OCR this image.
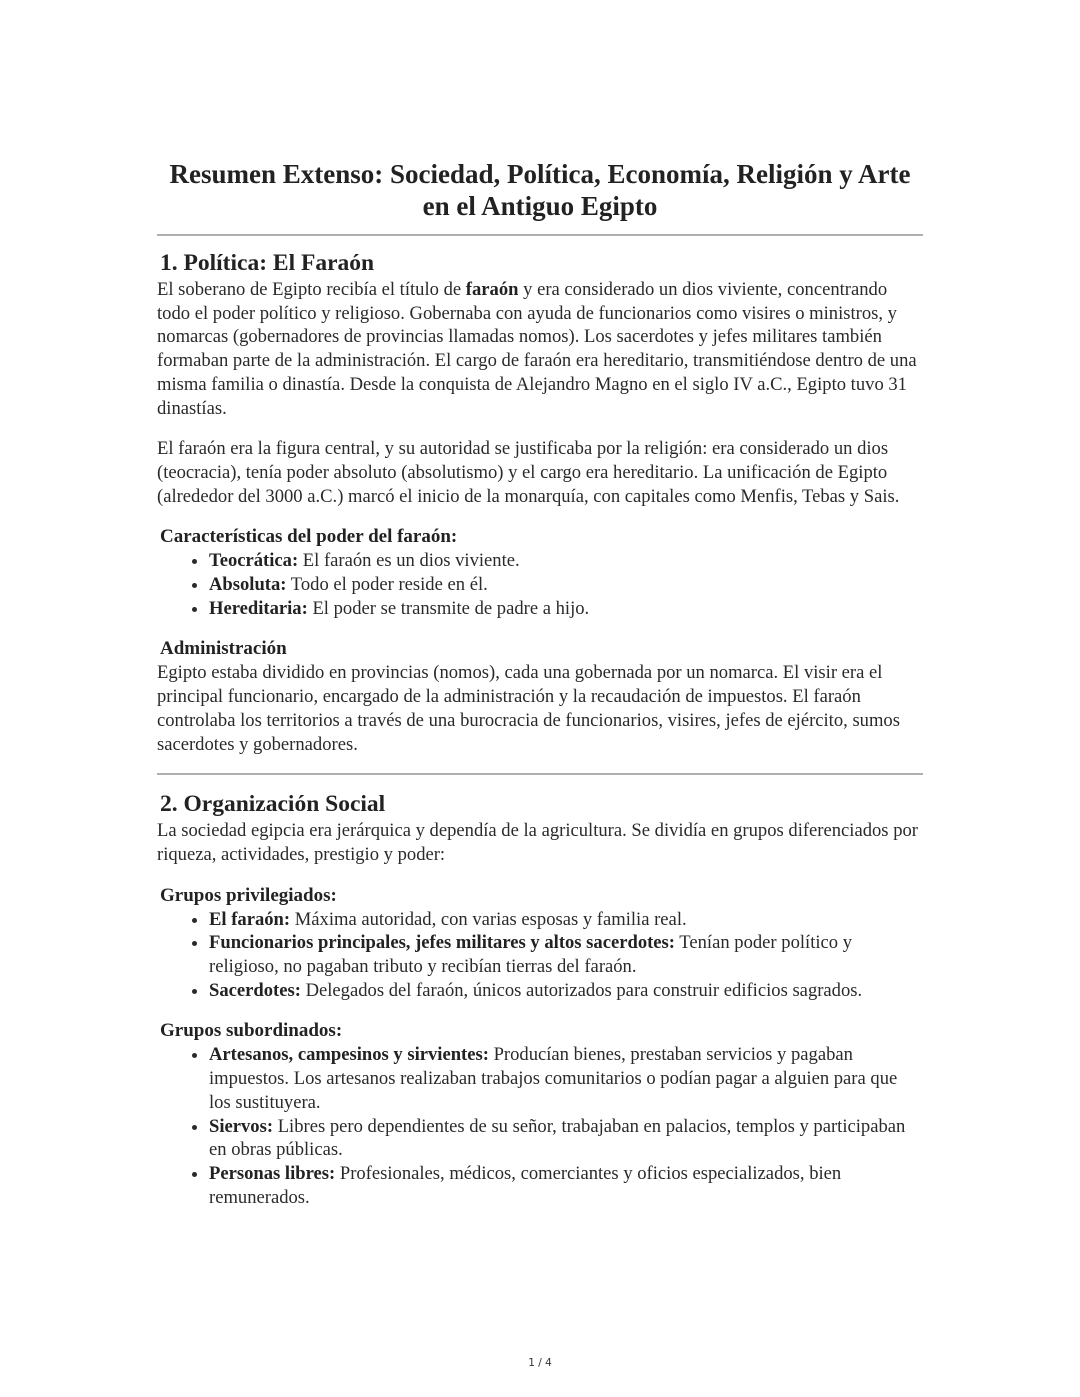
Resumen Extenso: Sociedad, Política, Economía, Religión y Arte en el Antiguo Egipto
1. Política: El Faraón

El soberano de Egipto recibía el título de faraón y era considerado un dios viviente, concentrando todo el poder político y religioso. Gobernaba con ayuda de funcionarios como visires o ministros, y nomarcas (gobernadores de provincias llamadas nomos). Los sacerdotes y jefes militares también formaban parte de la administración. El cargo de faraón era hereditario, transmitiéndose dentro de una misma familia o dinastía. Desde la conquista de Alejandro Magno en el siglo IV a.C., Egipto tuvo 31 dinastías.

El faraón era la figura central, y su autoridad se justificaba por la religión: era considerado un dios (teocracia), tenía poder absoluto (absolutismo) y el cargo era hereditario. La unificación de Egipto (alrededor del 3000 a.C.) marcó el inicio de la monarquía, con capitales como Menfis, Tebas y Sais.

Características del poder del faraón:
• Teocrática: El faraón es un dios viviente.
• Absoluta: Todo el poder reside en él.
• Hereditaria: El poder se transmite de padre a hijo.
Administración

Egipto estaba dividido en provincias (nomos), cada una gobernada por un nomarca. El visir era el principal funcionario, encargado de la administración y la recaudación de impuestos. El faraón controlaba los territorios a través de una burocracia de funcionarios, visires, jefes de ejército, sumos sacerdotes y gobernadores.

2. Organización Social

La sociedad egipcia era jerárquica y dependía de la agricultura. Se dividía en grupos diferenciados por riqueza, actividades, prestigio y poder:

Grupos privilegiados:
• El faraón: Máxima autoridad, con varias esposas y familia real.
• Funcionarios principales, jefes militares y altos sacerdotes: Tenían poder político y religioso, no pagaban tributo y recibían tierras del faraón.
• Sacerdotes: Delegados del faraón, únicos autorizados para construir edificios sagrados.
Grupos subordinados:
• Artesanos, campesinos y sirvientes: Producían bienes, prestaban servicios y pagaban impuestos. Los artesanos realizaban trabajos comunitarios o podían pagar a alguien para que los sustituyera.
• Siervos: Libres pero dependientes de su señor, trabajaban en palacios, templos y participaban en obras públicas.
• Personas libres: Profesionales, médicos, comerciantes y oficios especializados, bien remunerados.
1 / 4
